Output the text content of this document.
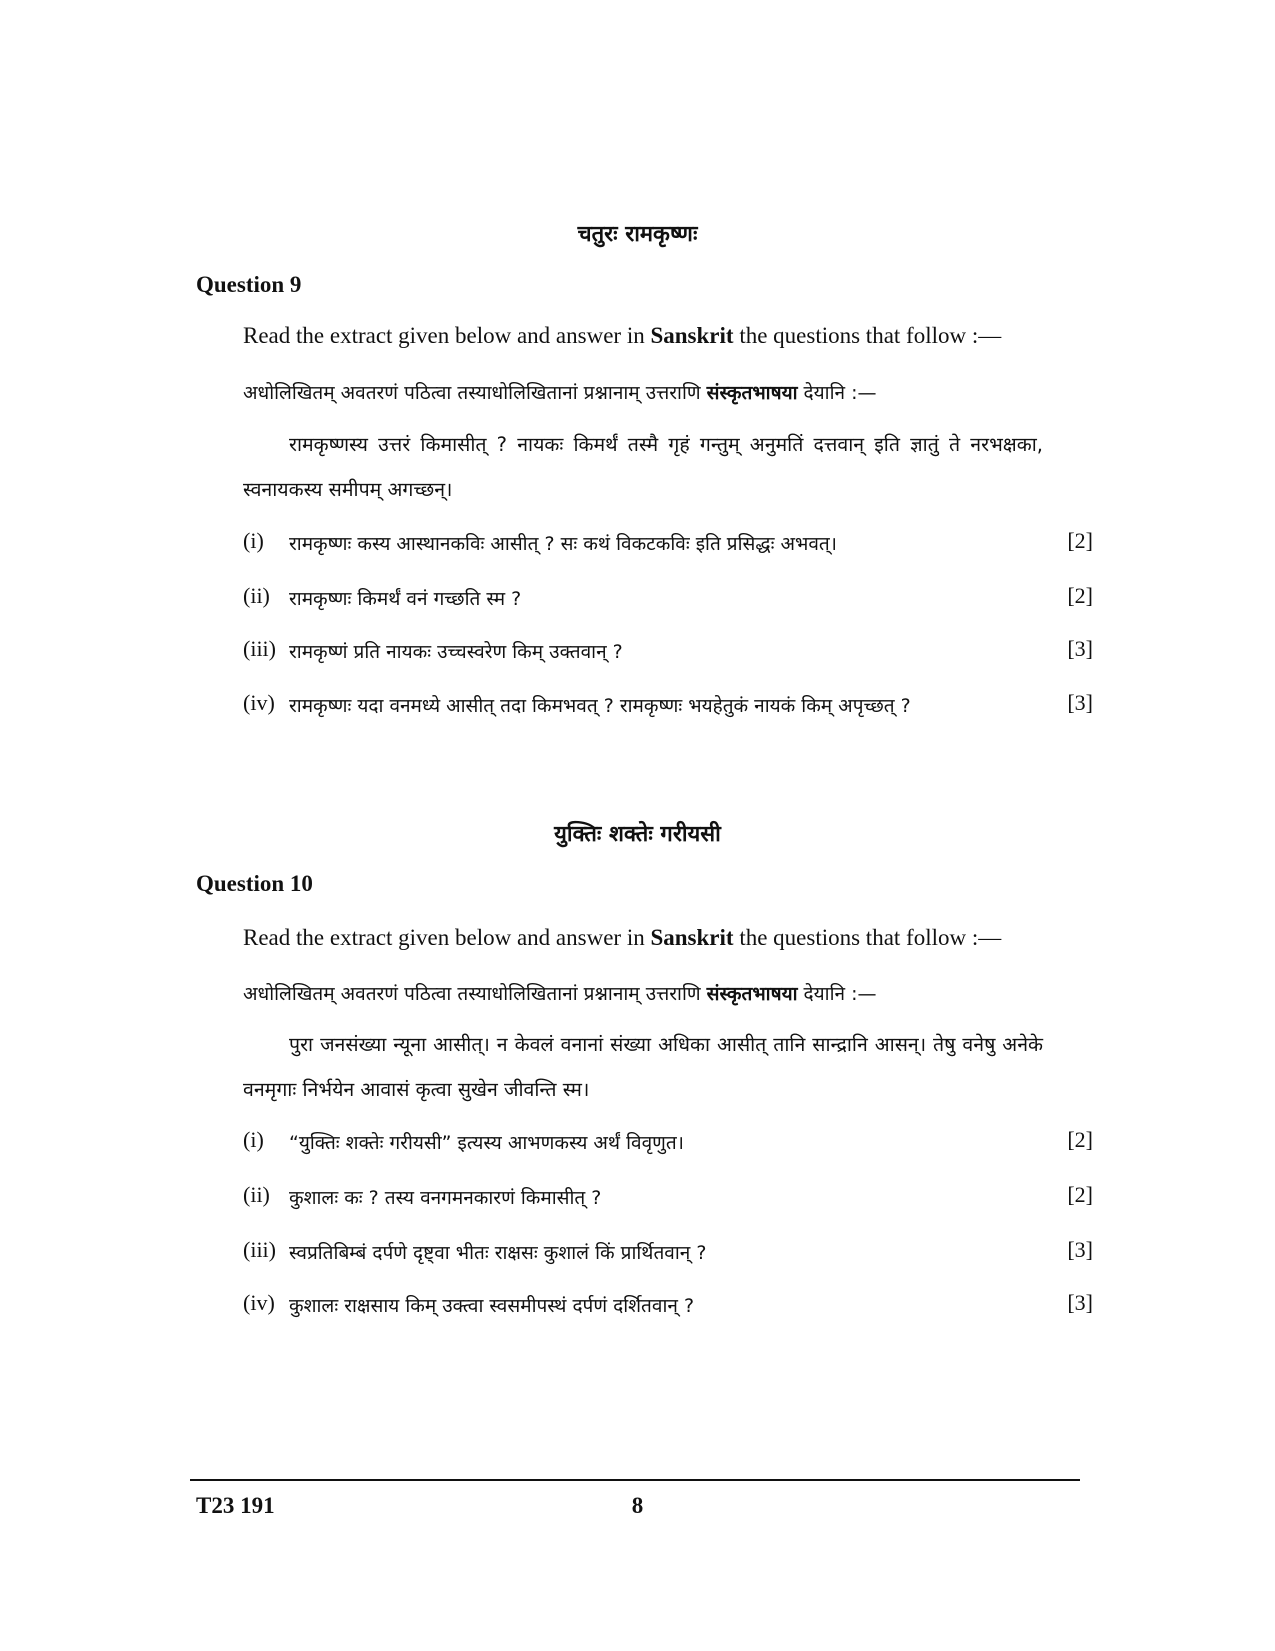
चतुरः रामकृष्णः
Question 9
Read the extract given below and answer in Sanskrit the questions that follow :—
अधोलिखितम् अवतरणं पठित्वा तस्याधोलिखितानां प्रश्नानाम् उत्तराणि संस्कृतभाषया देयानि :—
रामकृष्णस्य उत्तरं किमासीत् ? नायकः किमर्थं तस्मै गृहं गन्तुम् अनुमतिं दत्तवान् इति ज्ञातुं ते नरभक्षका, स्वनायकस्य समीपम् अगच्छन्।
(i) रामकृष्णः कस्य आस्थानकविः आसीत् ? सः कथं विकटकविः इति प्रसिद्धः अभवत्।	[2]
(ii) रामकृष्णः किमर्थं वनं गच्छति स्म ?	[2]
(iii) रामकृष्णं प्रति नायकः उच्चस्वरेण किम् उक्तवान् ?	[3]
(iv) रामकृष्णः यदा वनमध्ये आसीत् तदा किमभवत् ? रामकृष्णः भयहेतुकं नायकं किम् अपृच्छत् ?	[3]
युक्तिः शक्तेः गरीयसी
Question 10
Read the extract given below and answer in Sanskrit the questions that follow :—
अधोलिखितम् अवतरणं पठित्वा तस्याधोलिखितानां प्रश्नानाम् उत्तराणि संस्कृतभाषया देयानि :—
पुरा जनसंख्या न्यूना आसीत्। न केवलं वनानां संख्या अधिका आसीत् तानि सान्द्रानि आसन्। तेषु वनेषु अनेके वनमृगाः निर्भयेन आवासं कृत्वा सुखेन जीवन्ति स्म।
(i) “युक्तिः शक्तेः गरीयसी” इत्यस्य आभणकस्य अर्थं विवृणुत।	[2]
(ii) कुशालः कः ? तस्य वनगमनकारणं किमासीत् ?	[2]
(iii) स्वप्रतिबिम्बं दर्पणे दृष्ट्वा भीतः राक्षसः कुशालं किं प्रार्थितवान् ?	[3]
(iv) कुशालः राक्षसाय किम् उक्त्वा स्वसमीपस्थं दर्पणं दर्शितवान् ?	[3]
T23 191	8
